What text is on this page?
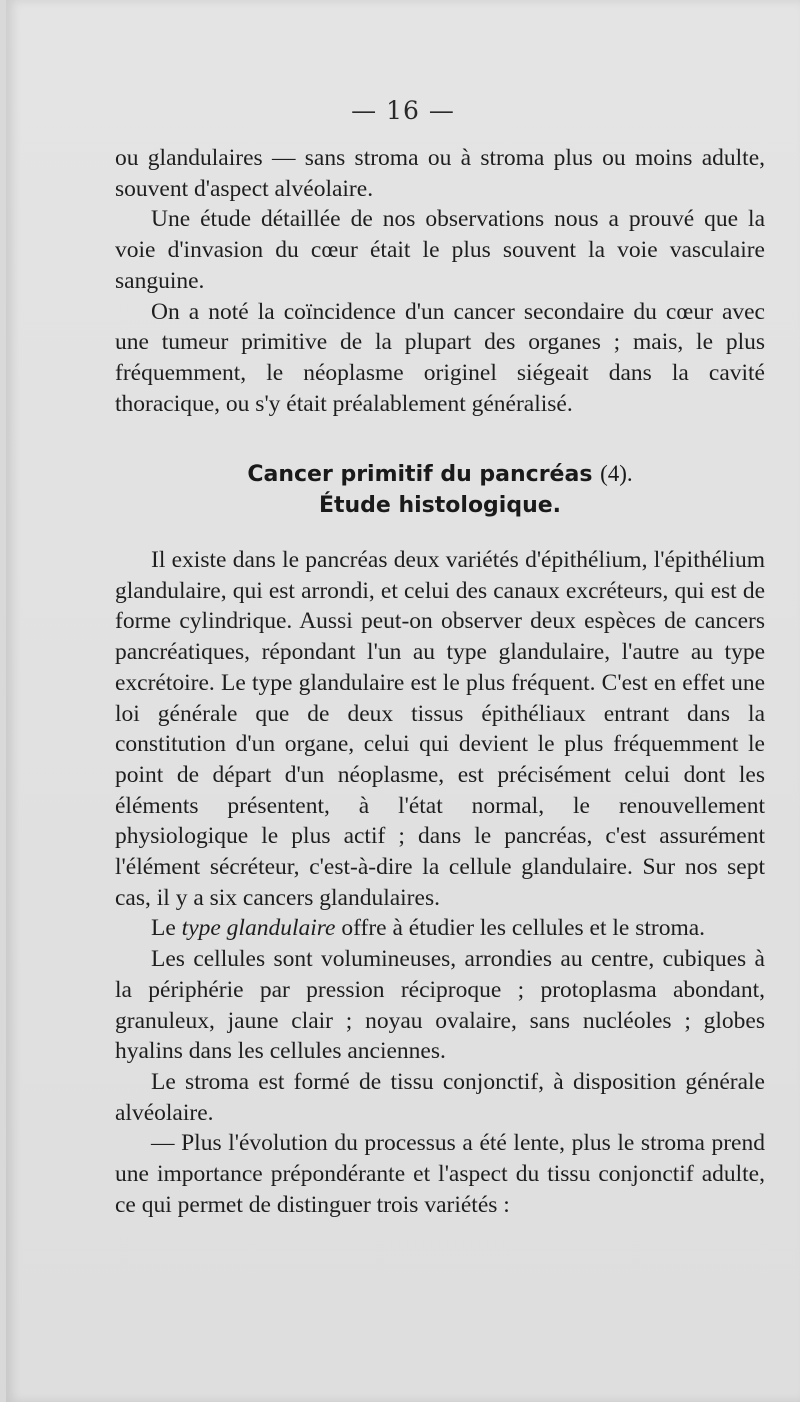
— 16 —

ou glandulaires — sans stroma ou à stroma plus ou moins adulte, souvent d'aspect alvéolaire.

Une étude détaillée de nos observations nous a prouvé que la voie d'invasion du cœur était le plus souvent la voie vasculaire sanguine.

On a noté la coïncidence d'un cancer secondaire du cœur avec une tumeur primitive de la plupart des organes ; mais, le plus fréquemment, le néoplasme originel siégeait dans la cavité thoracique, ou s'y était préalablement généralisé.

Cancer primitif du pancréas (4).
Étude histologique.

Il existe dans le pancréas deux variétés d'épithélium, l'épithélium glandulaire, qui est arrondi, et celui des canaux excréteurs, qui est de forme cylindrique. Aussi peut-on observer deux espèces de cancers pancréatiques, répondant l'un au type glandulaire, l'autre au type excrétoire. Le type glandulaire est le plus fréquent. C'est en effet une loi générale que de deux tissus épithéliaux entrant dans la constitution d'un organe, celui qui devient le plus fréquemment le point de départ d'un néoplasme, est précisément celui dont les éléments présentent, à l'état normal, le renouvellement physiologique le plus actif ; dans le pancréas, c'est assurément l'élément sécréteur, c'est-à-dire la cellule glandulaire. Sur nos sept cas, il y a six cancers glandulaires.

Le type glandulaire offre à étudier les cellules et le stroma.

Les cellules sont volumineuses, arrondies au centre, cubiques à la périphérie par pression réciproque ; protoplasma abondant, granuleux, jaune clair ; noyau ovalaire, sans nucléoles ; globes hyalins dans les cellules anciennes.

Le stroma est formé de tissu conjonctif, à disposition générale alvéolaire.

— Plus l'évolution du processus a été lente, plus le stroma prend une importance prépondérante et l'aspect du tissu conjonctif adulte, ce qui permet de distinguer trois variétés :
